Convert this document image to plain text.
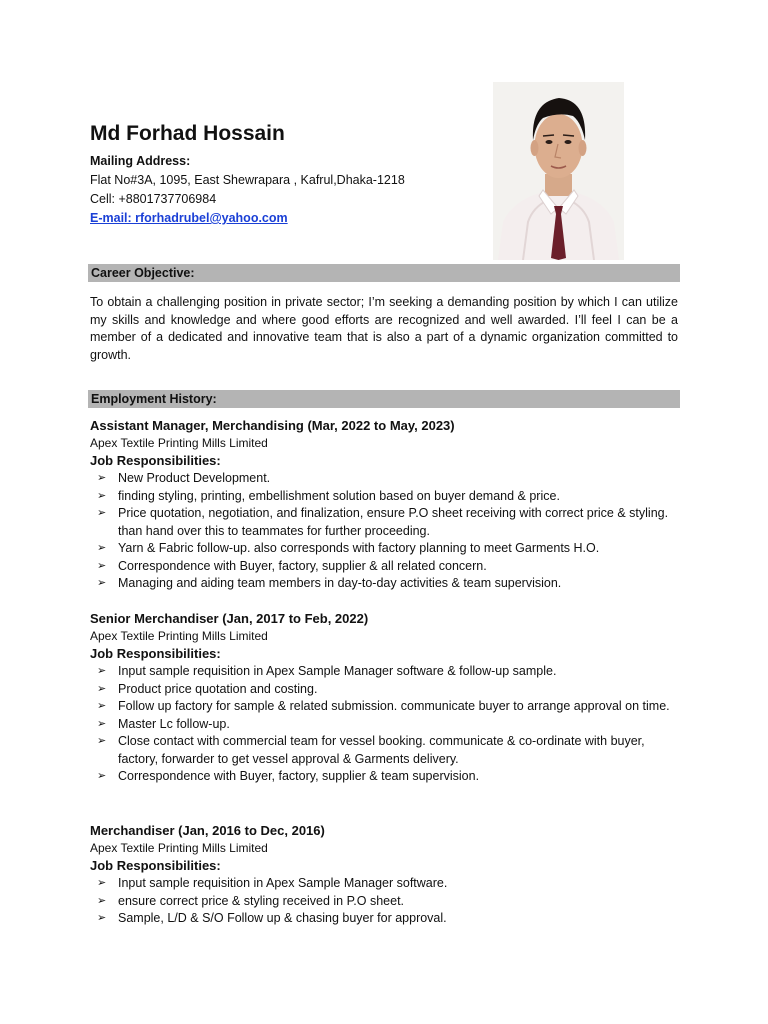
Md Forhad Hossain
Mailing Address:
Flat No#3A, 1095, East Shewrapara , Kafrul,Dhaka-1218
Cell: +8801737706984
E-mail: rforhadrubel@yahoo.com
Career Objective:
To obtain a challenging position in private sector; I’m seeking a demanding position by which I can utilize my skills and knowledge and where good efforts are recognized and well awarded. I’ll feel I can be a member of a dedicated and innovative team that is also a part of a dynamic organization committed to growth.
Employment History:
Assistant Manager, Merchandising (Mar, 2022 to May, 2023)
Apex Textile Printing Mills Limited
Job Responsibilities:
➢ New Product Development.
➢ finding styling, printing, embellishment solution based on buyer demand & price.
➢ Price quotation, negotiation, and finalization, ensure P.O sheet receiving with correct price & styling. than hand over this to teammates for further proceeding.
➢ Yarn & Fabric follow-up. also corresponds with factory planning to meet Garments H.O.
➢ Correspondence with Buyer, factory, supplier & all related concern.
➢ Managing and aiding team members in day-to-day activities & team supervision.
Senior Merchandiser (Jan, 2017 to Feb, 2022)
Apex Textile Printing Mills Limited
Job Responsibilities:
➢ Input sample requisition in Apex Sample Manager software & follow-up sample.
➢ Product price quotation and costing.
➢ Follow up factory for sample & related submission. communicate buyer to arrange approval on time.
➢ Master Lc follow-up.
➢ Close contact with commercial team for vessel booking. communicate & co-ordinate with buyer, factory, forwarder to get vessel approval & Garments delivery.
➢ Correspondence with Buyer, factory, supplier & team supervision.
Merchandiser (Jan, 2016 to Dec, 2016)
Apex Textile Printing Mills Limited
Job Responsibilities:
➢ Input sample requisition in Apex Sample Manager software.
➢ ensure correct price & styling received in P.O sheet.
➢ Sample, L/D & S/O Follow up & chasing buyer for approval.
